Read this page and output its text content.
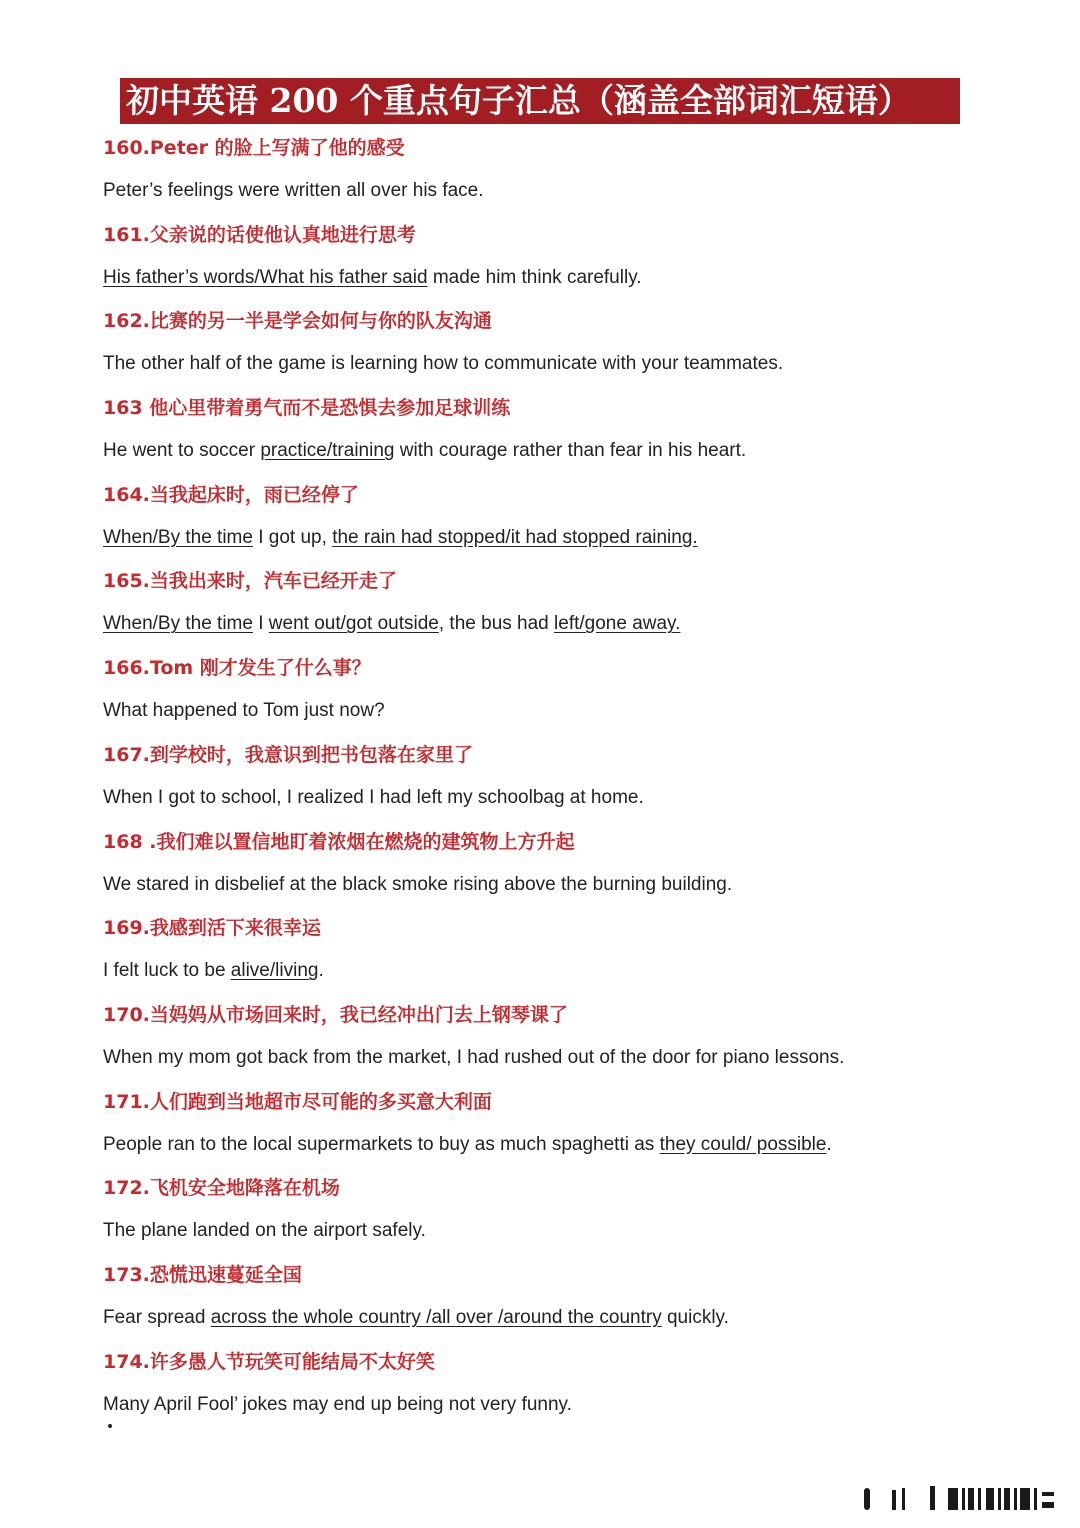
初中英语 200 个重点句子汇总（涵盖全部词汇短语）
160.Peter 的脸上写满了他的感受
Peter’s feelings were written all over his face.
161.父亲说的话使他认真地进行思考
His father’s words/What his father said made him think carefully.
162.比赛的另一半是学会如何与你的队友沟通
The other half of the game is learning how to communicate with your teammates.
163 他心里带着勇气而不是恐惧去参加足球训练
He went to soccer practice/training with courage rather than fear in his heart.
164.当我起床时，雨已经停了
When/By the time I got up, the rain had stopped/it had stopped raining.
165.当我出来时，汽车已经开走了
When/By the time I went out/got outside, the bus had left/gone away.
166.Tom 刚才发生了什么事？
What happened to Tom just now?
167.到学校时，我意识到把书包落在家里了
When I got to school, I realized I had left my schoolbag at home.
168 .我们难以置信地盯着浓烟在燃烧的建筑物上方升起
We stared in disbelief at the black smoke rising above the burning building.
169.我感到活下来很幸运
I felt luck to be alive/living.
170.当妈妈从市场回来时，我已经冲出门去上钢琴课了
When my mom got back from the market, I had rushed out of the door for piano lessons.
171.人们跑到当地超市尽可能的多买意大利面
People ran to the local supermarkets to buy as much spaghetti as they could/ possible.
172.飞机安全地降落在机场
The plane landed on the airport safely.
173.恐慌迅速蔓延全国
Fear spread across the whole country /all over /around the country quickly.
174.许多愚人节玩笑可能结局不太好笑
Many April Fool’ jokes may end up being not very funny.
